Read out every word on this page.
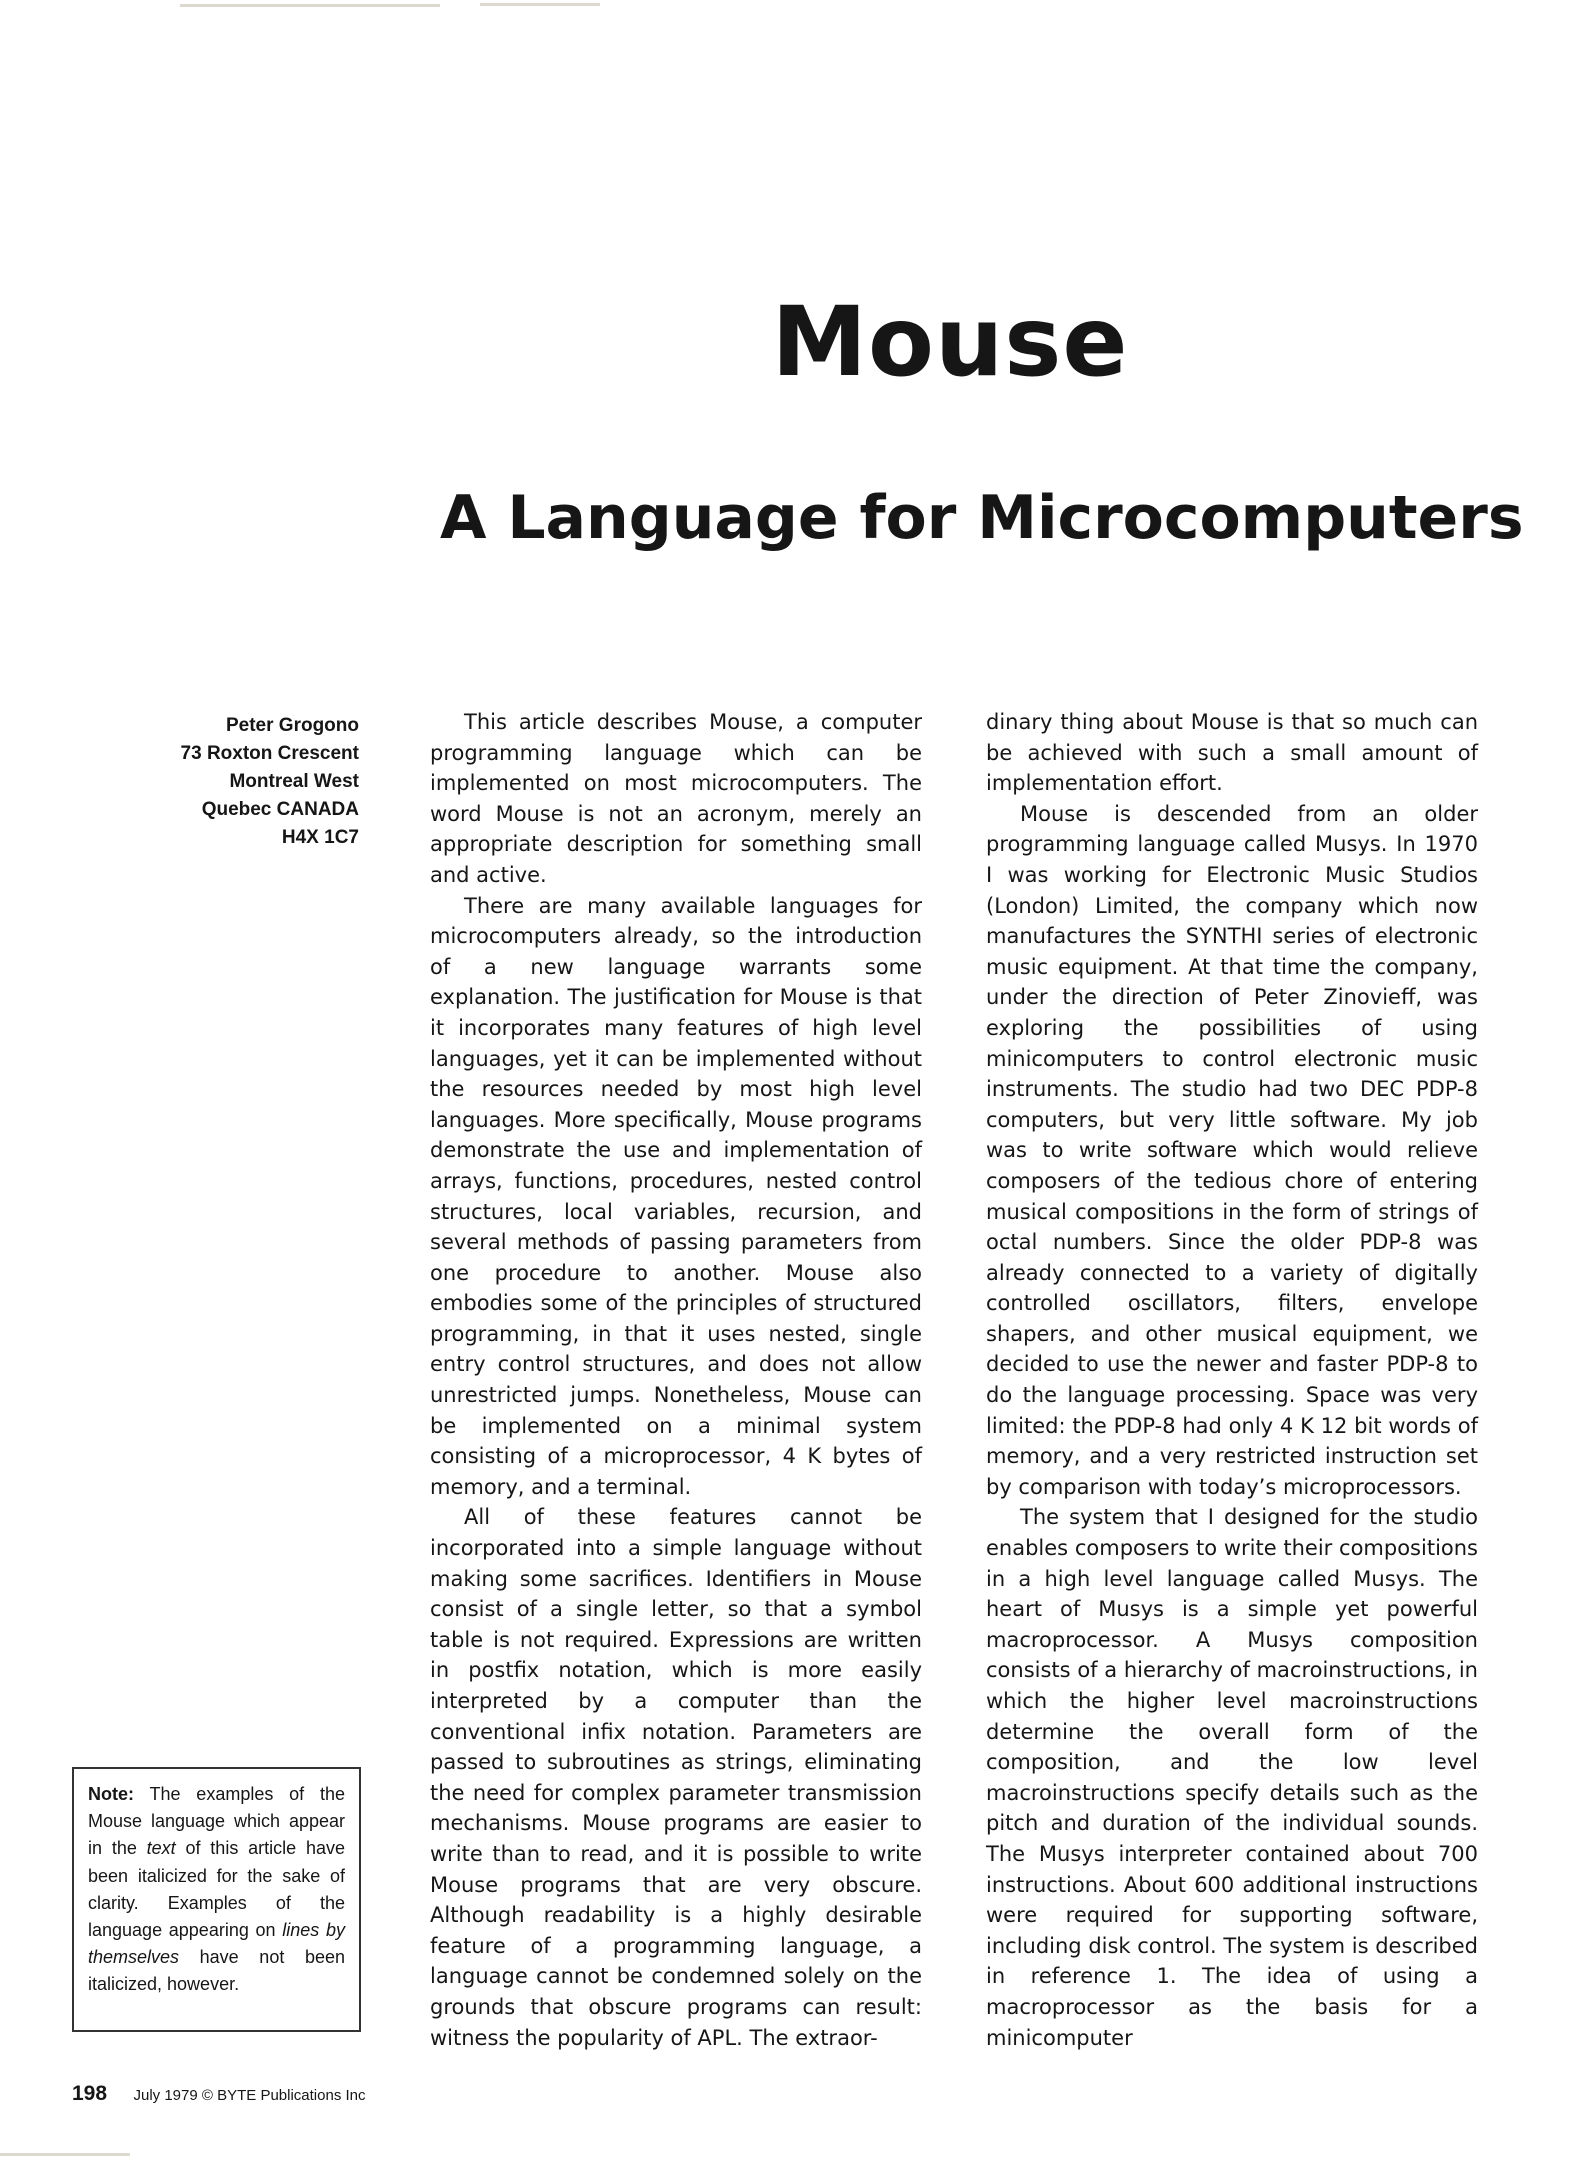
Mouse
A Language for Microcomputers
Peter Grogono
73 Roxton Crescent
Montreal West
Quebec CANADA
H4X 1C7
Note: The examples of the Mouse language which appear in the text of this article have been italicized for the sake of clarity. Examples of the language appearing on lines by themselves have not been italicized, however.

This article describes Mouse, a computer programming language which can be implemented on most microcomputers. The word Mouse is not an acronym, merely an appropriate description for something small and active.

There are many available languages for microcomputers already, so the introduction of a new language warrants some explanation. The justification for Mouse is that it incorporates many features of high level languages, yet it can be implemented without the resources needed by most high level languages. More specifically, Mouse programs demonstrate the use and implementation of arrays, functions, procedures, nested control structures, local variables, recursion, and several methods of passing parameters from one procedure to another. Mouse also embodies some of the principles of structured programming, in that it uses nested, single entry control structures, and does not allow unrestricted jumps. Nonetheless, Mouse can be implemented on a minimal system consisting of a microprocessor, 4 K bytes of memory, and a terminal.

All of these features cannot be incorporated into a simple language without making some sacrifices. Identifiers in Mouse consist of a single letter, so that a symbol table is not required. Expressions are written in postfix notation, which is more easily interpreted by a computer than the conventional infix notation. Parameters are passed to subroutines as strings, eliminating the need for complex parameter transmission mechanisms. Mouse programs are easier to write than to read, and it is possible to write Mouse programs that are very obscure. Although readability is a highly desirable feature of a programming language, a language cannot be condemned solely on the grounds that obscure programs can result: witness the popularity of APL. The extraor-

dinary thing about Mouse is that so much can be achieved with such a small amount of implementation effort.

Mouse is descended from an older programming language called Musys. In 1970 I was working for Electronic Music Studios (London) Limited, the company which now manufactures the SYNTHI series of electronic music equipment. At that time the company, under the direction of Peter Zinovieff, was exploring the possibilities of using minicomputers to control electronic music instruments. The studio had two DEC PDP-8 computers, but very little software. My job was to write software which would relieve composers of the tedious chore of entering musical compositions in the form of strings of octal numbers. Since the older PDP-8 was already connected to a variety of digitally controlled oscillators, filters, envelope shapers, and other musical equipment, we decided to use the newer and faster PDP-8 to do the language processing. Space was very limited: the PDP-8 had only 4 K 12 bit words of memory, and a very restricted instruction set by comparison with today’s microprocessors.

The system that I designed for the studio enables composers to write their compositions in a high level language called Musys. The heart of Musys is a simple yet powerful macroprocessor. A Musys composition consists of a hierarchy of macroinstructions, in which the higher level macroinstructions determine the overall form of the composition, and the low level macroinstructions specify details such as the pitch and duration of the individual sounds. The Musys interpreter contained about 700 instructions. About 600 additional instructions were required for supporting software, including disk control. The system is described in reference 1. The idea of using a macroprocessor as the basis for a minicomputer

198 July 1979 © BYTE Publications Inc
